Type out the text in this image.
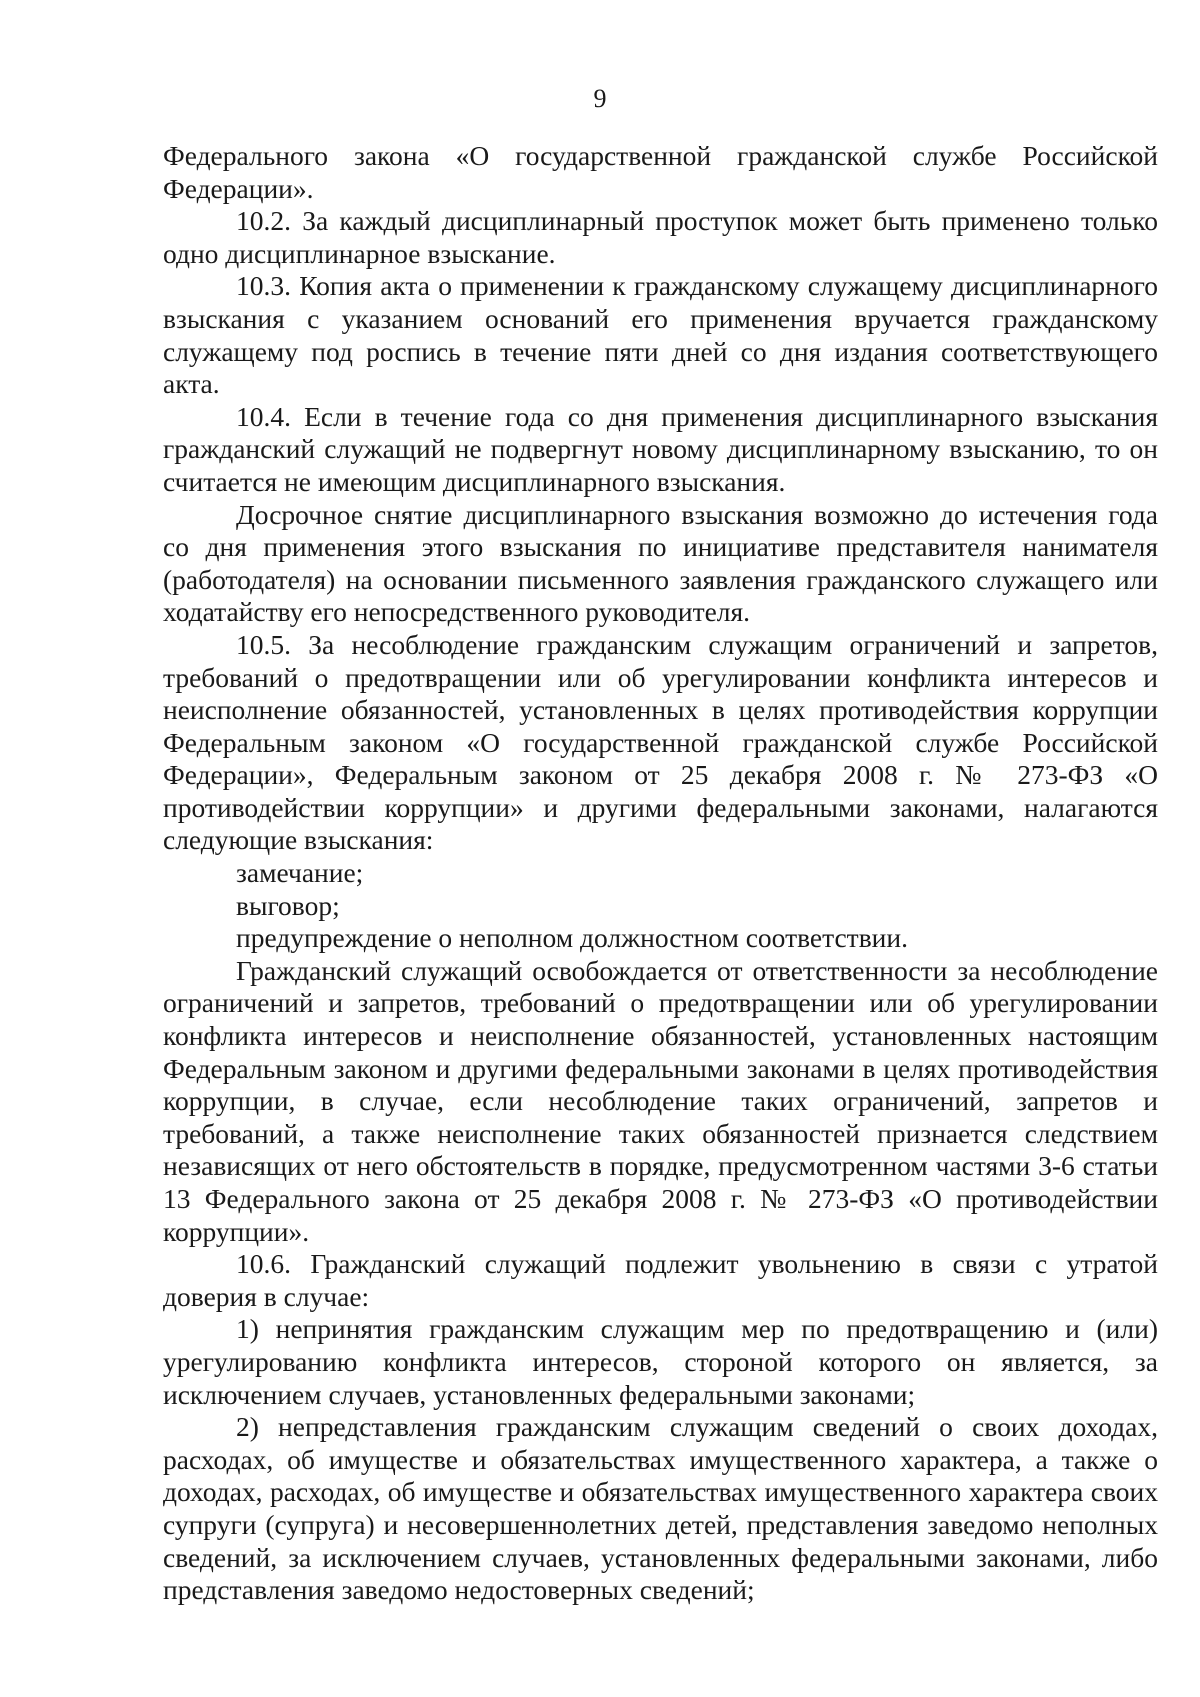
9

Федерального закона «О государственной гражданской службе Российской Федерации».

10.2. За каждый дисциплинарный проступок может быть применено только одно дисциплинарное взыскание.

10.3. Копия акта о применении к гражданскому служащему дисциплинарного взыскания с указанием оснований его применения вручается гражданскому служащему под роспись в течение пяти дней со дня издания соответствующего акта.

10.4. Если в течение года со дня применения дисциплинарного взыскания гражданский служащий не подвергнут новому дисциплинарному взысканию, то он считается не имеющим дисциплинарного взыскания.

Досрочное снятие дисциплинарного взыскания возможно до истечения года со дня применения этого взыскания по инициативе представителя нанимателя (работодателя) на основании письменного заявления гражданского служащего или ходатайству его непосредственного руководителя.

10.5. За несоблюдение гражданским служащим ограничений и запретов, требований о предотвращении или об урегулировании конфликта интересов и неисполнение обязанностей, установленных в целях противодействия коррупции Федеральным законом «О государственной гражданской службе Российской Федерации», Федеральным законом от 25 декабря 2008 г. № 273-ФЗ «О противодействии коррупции» и другими федеральными законами, налагаются следующие взыскания:

замечание;

выговор;

предупреждение о неполном должностном соответствии.

Гражданский служащий освобождается от ответственности за несоблюдение ограничений и запретов, требований о предотвращении или об урегулировании конфликта интересов и неисполнение обязанностей, установленных настоящим Федеральным законом и другими федеральными законами в целях противодействия коррупции, в случае, если несоблюдение таких ограничений, запретов и требований, а также неисполнение таких обязанностей признается следствием независящих от него обстоятельств в порядке, предусмотренном частями 3-6 статьи 13 Федерального закона от 25 декабря 2008 г. № 273-ФЗ «О противодействии коррупции».

10.6. Гражданский служащий подлежит увольнению в связи с утратой доверия в случае:

1) непринятия гражданским служащим мер по предотвращению и (или) урегулированию конфликта интересов, стороной которого он является, за исключением случаев, установленных федеральными законами;

2) непредставления гражданским служащим сведений о своих доходах, расходах, об имуществе и обязательствах имущественного характера, а также о доходах, расходах, об имуществе и обязательствах имущественного характера своих супруги (супруга) и несовершеннолетних детей, представления заведомо неполных сведений, за исключением случаев, установленных федеральными законами, либо представления заведомо недостоверных сведений;
